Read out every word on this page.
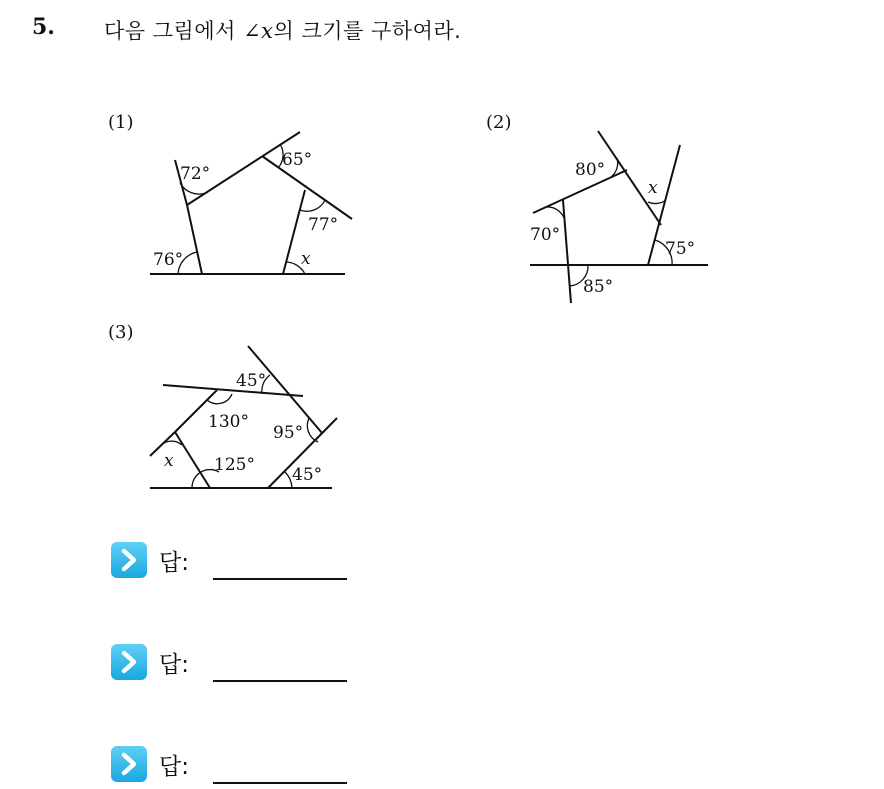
5. 다음 그림에서 ∠x의 크기를 구하여라.
(1)	(2)
(3)
72°
65°
77°
76°	x
80°
70°
75°
85°
x
45°
130°
95°
125° 45°
x
답:
답:
답:
